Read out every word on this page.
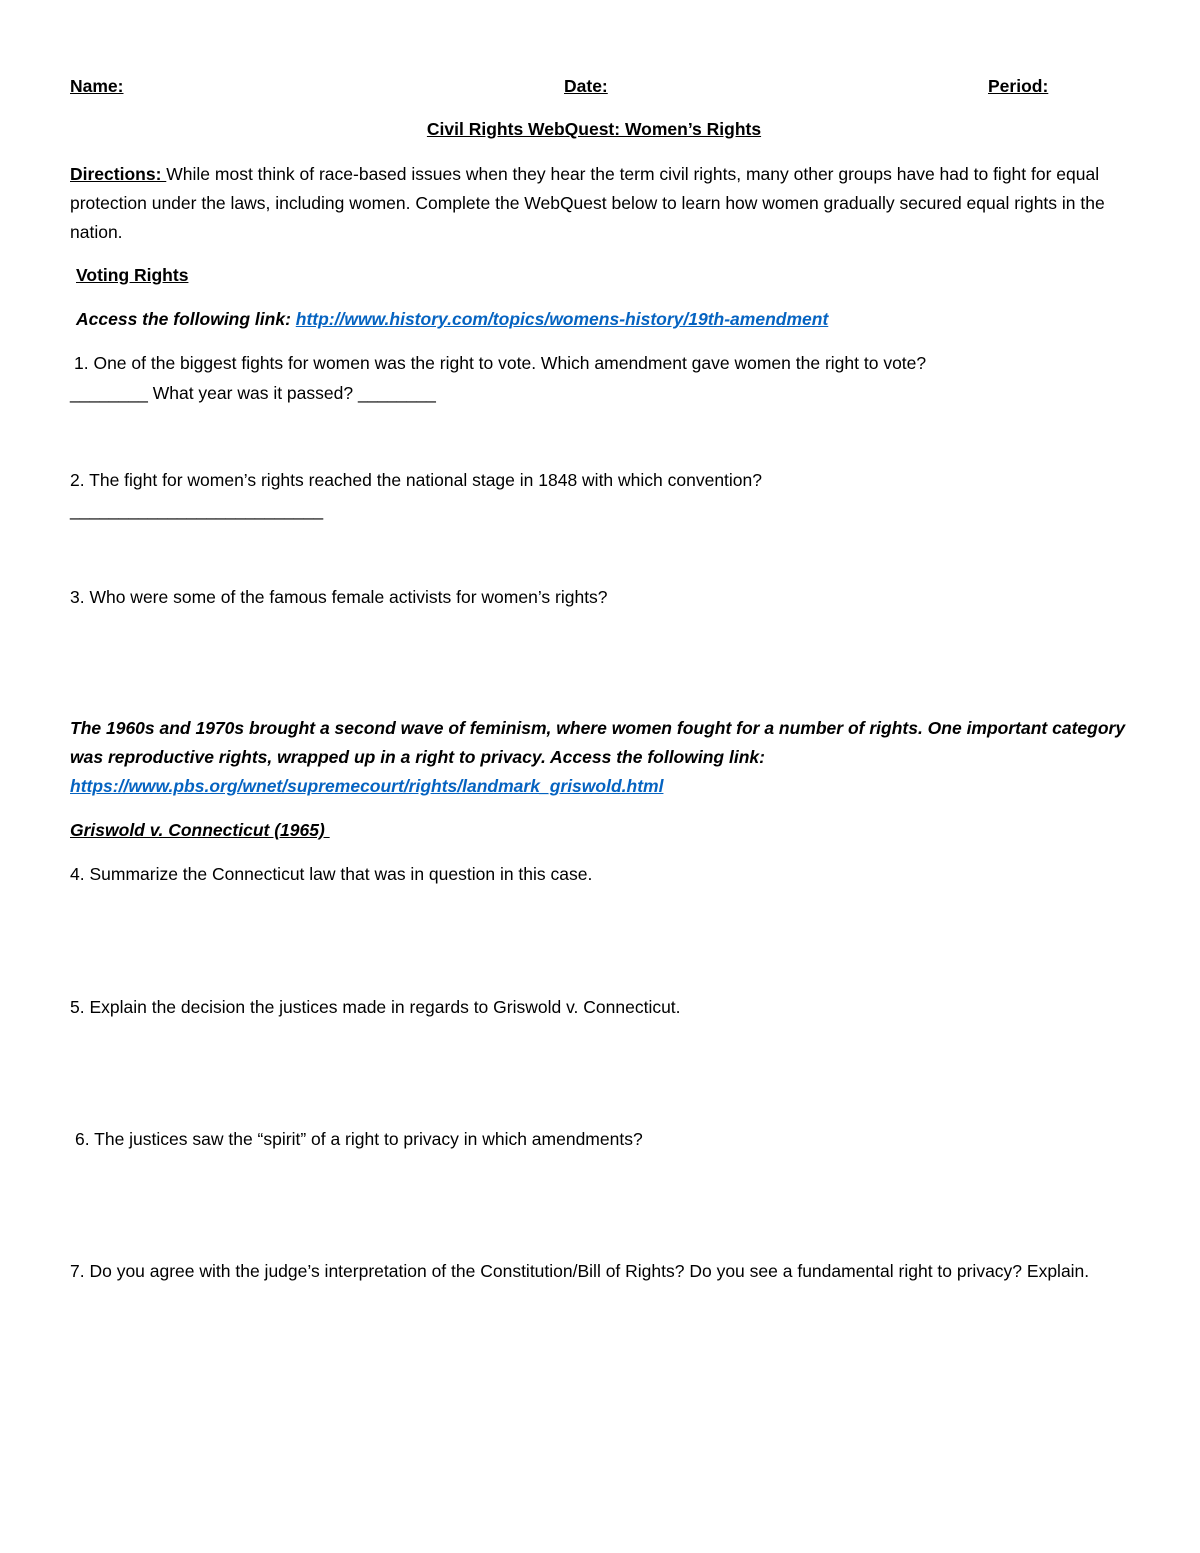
Name:	Date:	Period:
Civil Rights WebQuest: Women’s Rights
Directions: While most think of race-based issues when they hear the term civil rights, many other groups have had to fight for equal protection under the laws, including women. Complete the WebQuest below to learn how women gradually secured equal rights in the nation.
Voting Rights
Access the following link: http://www.history.com/topics/womens-history/19th-amendment
1. One of the biggest fights for women was the right to vote. Which amendment gave women the right to vote?
________ What year was it passed? ________
2. The fight for women’s rights reached the national stage in 1848 with which convention?
__________________________
3. Who were some of the famous female activists for women’s rights?
The 1960s and 1970s brought a second wave of feminism, where women fought for a number of rights. One important category was reproductive rights, wrapped up in a right to privacy. Access the following link:
https://www.pbs.org/wnet/supremecourt/rights/landmark_griswold.html
Griswold v. Connecticut (1965)
4. Summarize the Connecticut law that was in question in this case.
5. Explain the decision the justices made in regards to Griswold v. Connecticut.
6. The justices saw the “spirit” of a right to privacy in which amendments?
7. Do you agree with the judge’s interpretation of the Constitution/Bill of Rights? Do you see a fundamental right to privacy? Explain.
